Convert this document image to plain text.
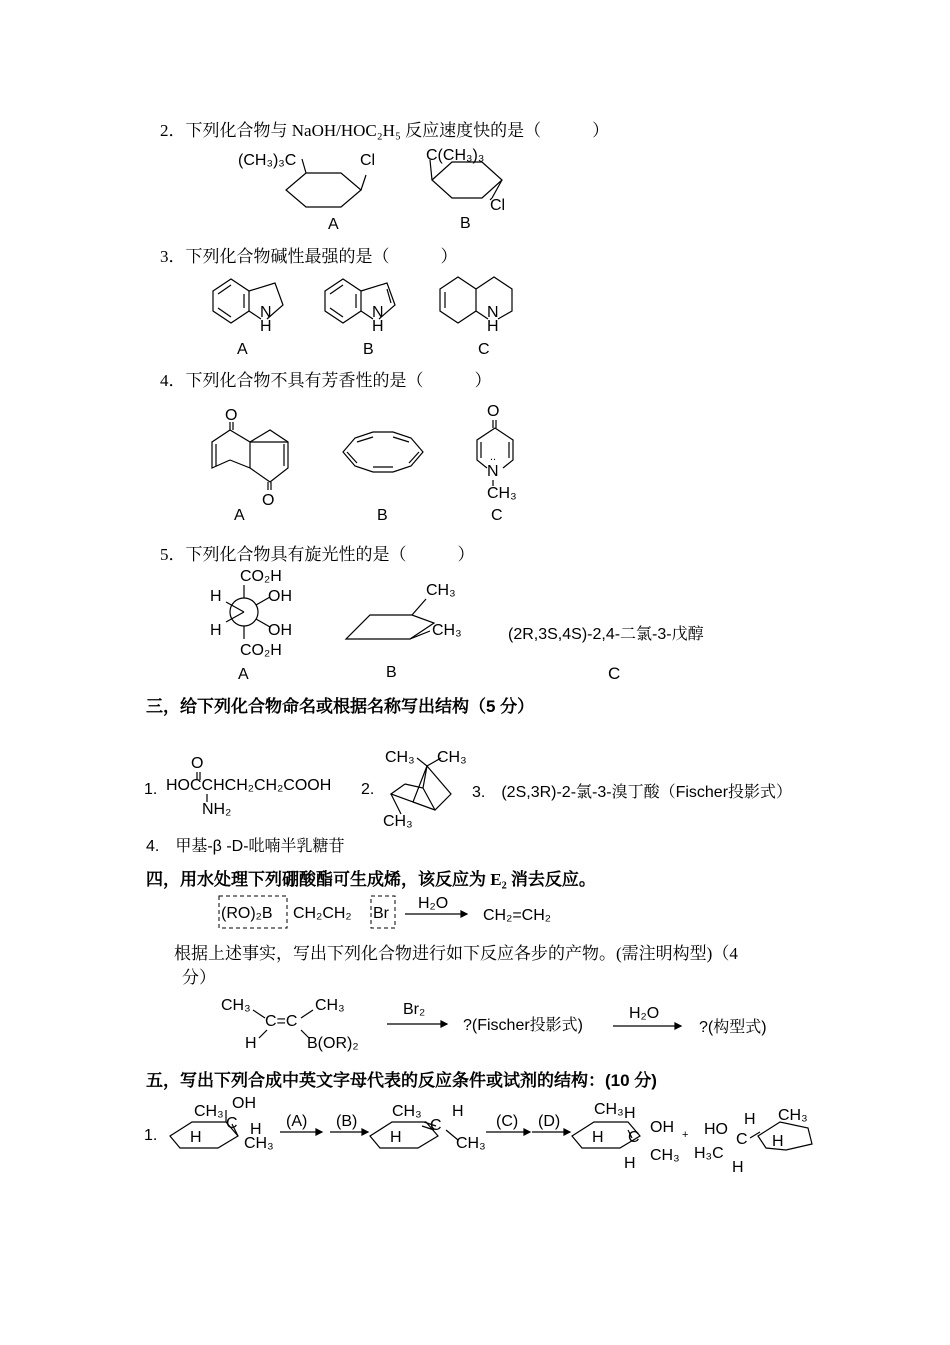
2．下列化合物与 NaOH/HOC₂H₅ 反应速度快的是（　　　）
(CH₃)₃C	Cl
A
C(CH₃)₃
Cl
B
3．下列化合物碱性最强的是（　　　）
N
H
A
N
H
B
N
H
C
4．下列化合物不具有芳香性的是（　　　）
O
O
A	B
O
..
N
CH₃
C
5．下列化合物具有旋光性的是（　　　）
CO₂H
CO₂H
OH
OH
H
H
A
CH₃
CH₃
B
(2R,3S,4S)-2,4-二氯-3-戊醇
C
三，给下列化合物命名或根据名称写出结构（5 分）
1.
O
HOCCHCH₂CH₂COOH
NH₂
2.
CH₃ CH₃
CH₃
3.　(2S,3R)-2-氯-3-溴丁酸（Fischer投影式）
4.　甲基-β -D-吡喃半乳糖苷
四，用水处理下列硼酸酯可生成烯，该反应为 E₂ 消去反应。
(RO)₂B CH₂CH₂ Br
H₂O
CH₂=CH₂
根据上述事实，写出下列化合物进行如下反应各步的产物。(需注明构型)（4
分）
CH₃
C=C
CH₃
H	B(OR)₂
Br₂
?(Fischer投影式)
H₂O
?(构型式)
五，写出下列合成中英文字母代表的反应条件或试剂的结构：(10 分)
1.
CH₃
H
OH
C H
CH₃
(A) (B)
CH₃
H
C
H
CH₃
(C) (D)
CH₃ H
H C
OH
H CH₃
+ HO
C
H
H₃C
H
CH₃
H
